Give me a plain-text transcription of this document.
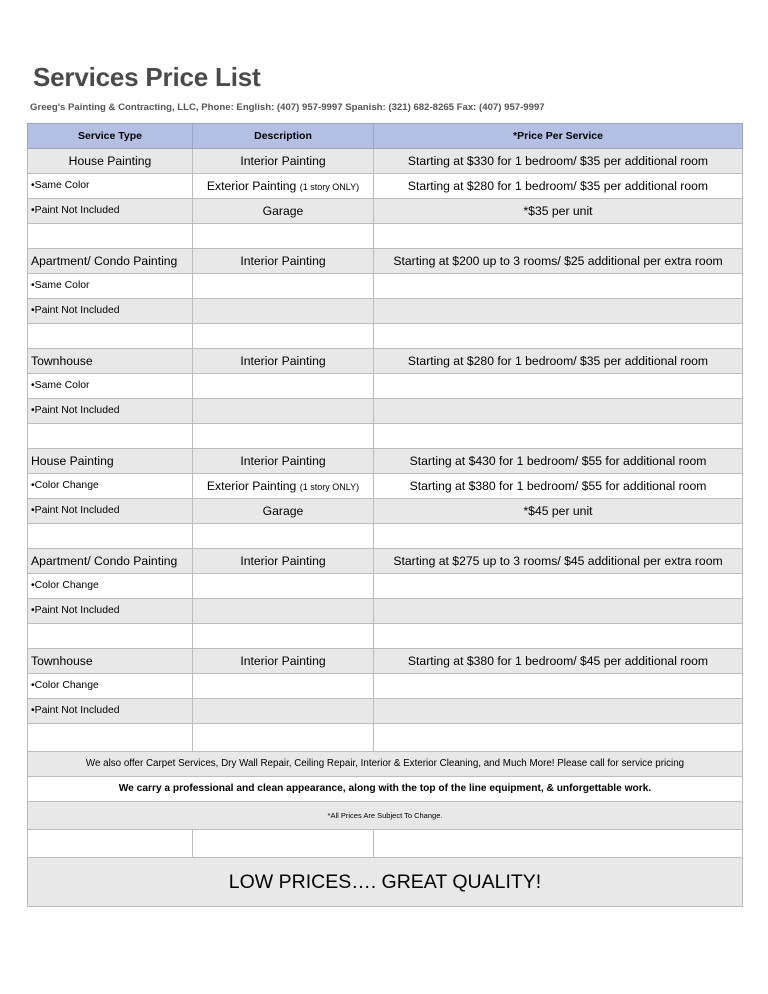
Services Price List
Greeg's Painting & Contracting, LLC, Phone: English: (407) 957-9997 Spanish: (321) 682-8265 Fax: (407) 957-9997
Service Type	Description	*Price Per Service
House Painting	Interior Painting	Starting at $330 for 1 bedroom/ $35 per additional room
•Same Color	Exterior Painting (1 story ONLY)	Starting at $280 for 1 bedroom/ $35 per additional room
•Paint Not Included	Garage	*$35 per unit

Apartment/ Condo Painting	Interior Painting	Starting at $200 up to 3 rooms/ $25 additional per extra room
•Same Color		
•Paint Not Included		

Townhouse	Interior Painting	Starting at $280 for 1 bedroom/ $35 per additional room
•Same Color		
•Paint Not Included		

House Painting	Interior Painting	Starting at $430 for 1 bedroom/ $55 for additional room
•Color Change	Exterior Painting (1 story ONLY)	Starting at $380 for 1 bedroom/ $55 for additional room
•Paint Not Included	Garage	*$45 per unit

Apartment/ Condo Painting	Interior Painting	Starting at $275 up to 3 rooms/ $45 additional per extra room
•Color Change		
•Paint Not Included		

Townhouse	Interior Painting	Starting at $380 for 1 bedroom/ $45 per additional room
•Color Change		
•Paint Not Included		

We also offer Carpet Services, Dry Wall Repair, Ceiling Repair, Interior & Exterior Cleaning, and Much More! Please call for service pricing		
We carry a professional and clean appearance, along with the top of the line equipment, & unforgettable work.		
*All Prices Are Subject To Change.		

LOW PRICES…. GREAT QUALITY!		
